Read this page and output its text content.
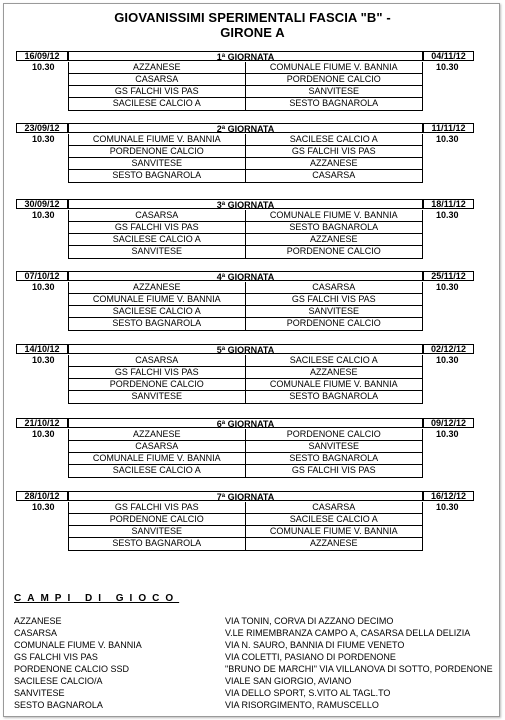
GIOVANISSIMI SPERIMENTALI FASCIA "B" -
GIRONE A
16/09/12	1$^a$ GIORNATA	04/11/12
10.30	10.30
AZZANESE	COMUNALE FIUME V. BANNIA
CASARSA	PORDENONE CALCIO
GS FALCHI VIS PAS	SANVITESE
SACILESE CALCIO A	SESTO BAGNAROLA
23/09/12	2$^a$ GIORNATA	11/11/12
10.30	10.30
COMUNALE FIUME V. BANNIA	SACILESE CALCIO A
PORDENONE CALCIO	GS FALCHI VIS PAS
SANVITESE	AZZANESE
SESTO BAGNAROLA	CASARSA
30/09/12	3$^a$ GIORNATA	18/11/12
10.30	10.30
CASARSA	COMUNALE FIUME V. BANNIA
GS FALCHI VIS PAS	SESTO BAGNAROLA
SACILESE CALCIO A	AZZANESE
SANVITESE	PORDENONE CALCIO
07/10/12	4$^a$ GIORNATA	25/11/12
10.30	10.30
AZZANESE	CASARSA
COMUNALE FIUME V. BANNIA	GS FALCHI VIS PAS
SACILESE CALCIO A	SANVITESE
SESTO BAGNAROLA	PORDENONE CALCIO
14/10/12	5$^a$ GIORNATA	02/12/12
10.30	10.30
CASARSA	SACILESE CALCIO A
GS FALCHI VIS PAS	AZZANESE
PORDENONE CALCIO	COMUNALE FIUME V. BANNIA
SANVITESE	SESTO BAGNAROLA
21/10/12	6$^a$ GIORNATA	09/12/12
10.30	10.30
AZZANESE	PORDENONE CALCIO
CASARSA	SANVITESE
COMUNALE FIUME V. BANNIA	SESTO BAGNAROLA
SACILESE CALCIO A	GS FALCHI VIS PAS
28/10/12	7$^a$ GIORNATA	16/12/12
10.30	10.30
GS FALCHI VIS PAS	CASARSA
PORDENONE CALCIO	SACILESE CALCIO A
SANVITESE	COMUNALE FIUME V. BANNIA
SESTO BAGNAROLA	AZZANESE
CAMPI DI GIOCO
AZZANESE	VIA TONIN, CORVA DI AZZANO DECIMO
CASARSA	V.LE RIMEMBRANZA CAMPO A, CASARSA DELLA DELIZIA
COMUNALE FIUME V. BANNIA	VIA N. SAURO, BANNIA DI FIUME VENETO
GS FALCHI VIS PAS	VIA COLETTI, PASIANO DI PORDENONE
PORDENONE CALCIO SSD	"BRUNO DE MARCHI" VIA VILLANOVA DI SOTTO, PORDENONE
SACILESE CALCIO/A	VIALE SAN GIORGIO, AVIANO
SANVITESE	VIA DELLO SPORT, S.VITO AL TAGL.TO
SESTO BAGNAROLA	VIA RISORGIMENTO, RAMUSCELLO
